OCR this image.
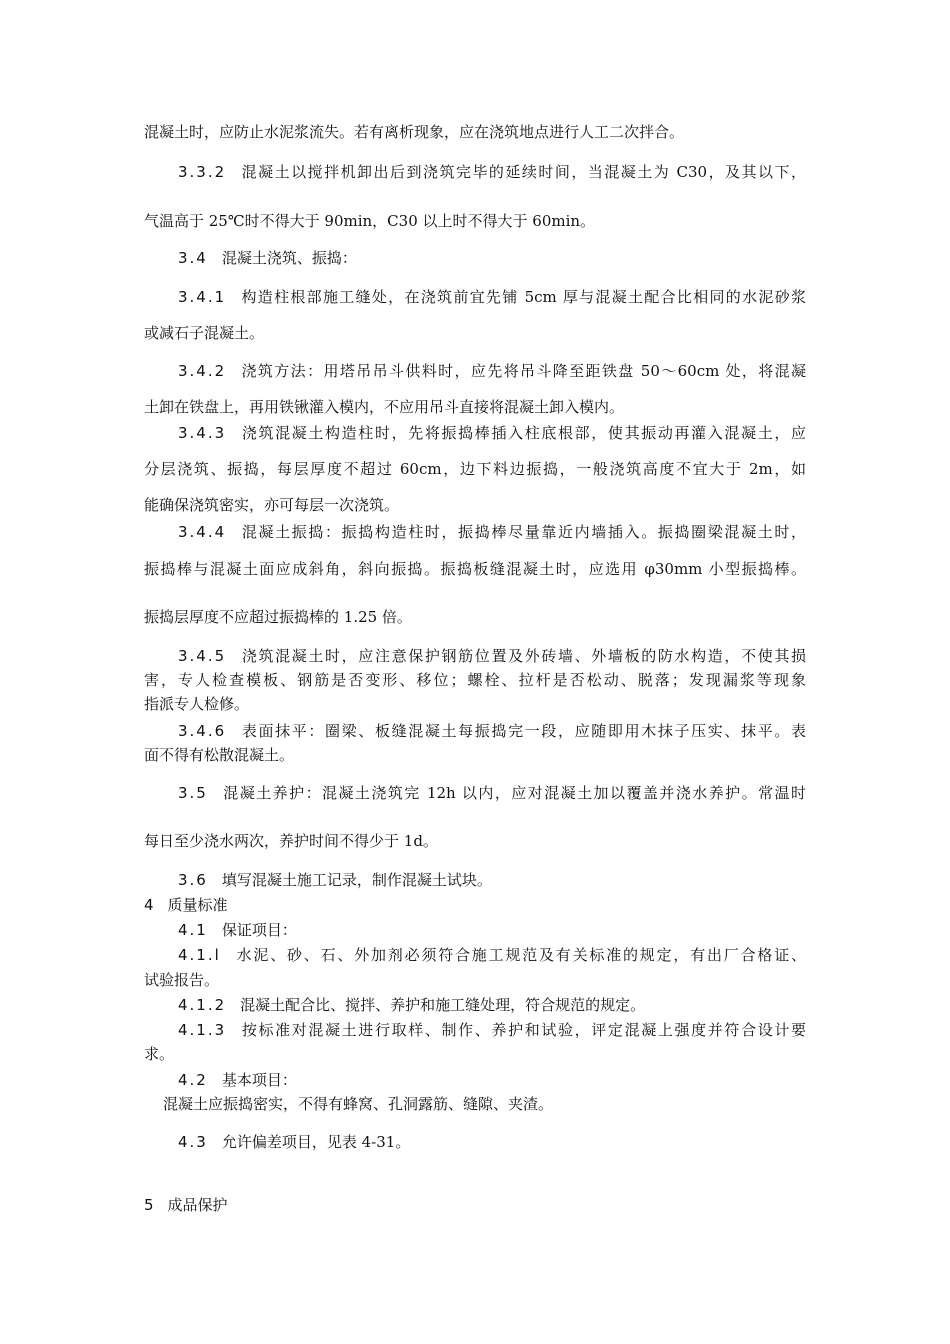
混凝土时，应防止水泥浆流失。若有离析现象，应在浇筑地点进行人工二次拌合。
3.3.2 混凝土以搅拌机卸出后到浇筑完毕的延续时间，当混凝土为 C30，及其以下，
气温高于 25℃时不得大于 90min，C30 以上时不得大于 60min。
3.4 混凝土浇筑、振捣：
3.4.1 构造柱根部施工缝处，在浇筑前宜先铺 5cm 厚与混凝土配合比相同的水泥砂浆
或减石子混凝土。
3.4.2 浇筑方法：用塔吊吊斗供料时，应先将吊斗降至距铁盘 50～60cm 处，将混凝
土卸在铁盘上，再用铁锹灌入模内，不应用吊斗直接将混凝土卸入模内。
3.4.3 浇筑混凝土构造柱时，先将振捣棒插入柱底根部，使其振动再灌入混凝土，应
分层浇筑、振捣，每层厚度不超过 60cm，边下料边振捣，一般浇筑高度不宜大于 2m，如
能确保浇筑密实，亦可每层一次浇筑。
3.4.4 混凝土振捣：振捣构造柱时，振捣棒尽量靠近内墙插入。振捣圈梁混凝土时，
振捣棒与混凝土面应成斜角，斜向振捣。振捣板缝混凝土时，应选用 φ30mm 小型振捣棒。
振捣层厚度不应超过振捣棒的 1.25 倍。
3.4.5 浇筑混凝土时，应注意保护钢筋位置及外砖墙、外墙板的防水构造，不使其损
害，专人检查模板、钢筋是否变形、移位；螺栓、拉杆是否松动、脱落；发现漏浆等现象
指派专人检修。
3.4.6 表面抹平：圈梁、板缝混凝土每振捣完一段，应随即用木抹子压实、抹平。表
面不得有松散混凝土。
3.5 混凝土养护：混凝土浇筑完 12h 以内，应对混凝土加以覆盖并浇水养护。常温时
每日至少浇水两次，养护时间不得少于 1d。
3.6 填写混凝土施工记录，制作混凝土试块。
4 质量标准
4.1 保证项目：
4.1.l 水泥、砂、石、外加剂必须符合施工规范及有关标准的规定，有出厂合格证、
试验报告。
4.1.2 混凝土配合比、搅拌、养护和施工缝处理，符合规范的规定。
4.1.3 按标准对混凝土进行取样、制作、养护和试验，评定混凝上强度并符合设计要
求。
4.2 基本项目：
混凝土应振捣密实，不得有蜂窝、孔洞露筋、缝隙、夹渣。
4.3 允许偏差项目，见表 4-31。
5 成品保护
